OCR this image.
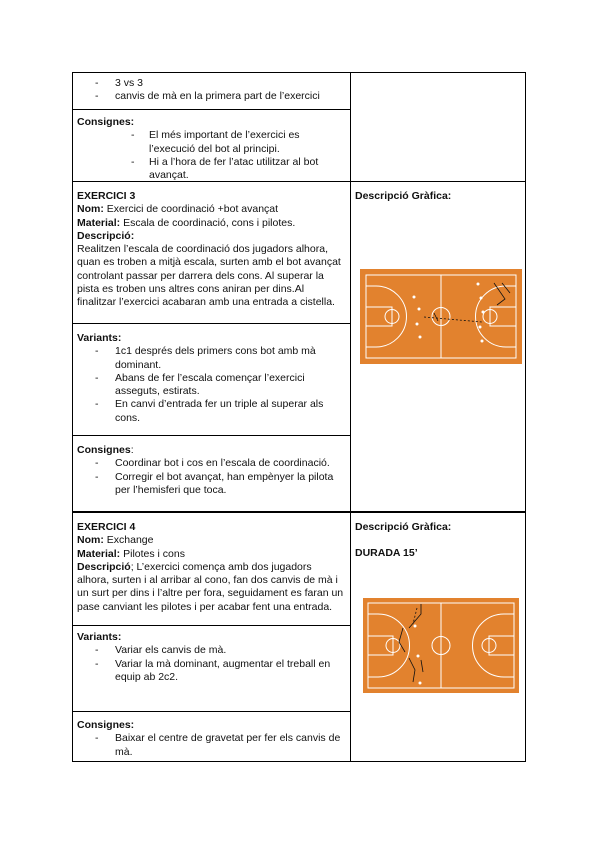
- 3 vs 3
- canvis de mà en la primera part de l’exercici

Consignes:

- El més important de l’exercici es l’execució del bot al principi.
- Hi a l’hora de fer l’atac utilitzar al bot avançat.

EXERCICI 3

Nom: Exercici de coordinació +bot avançat

Material: Escala de coordinació, cons i pilotes.

Descripció:

Realitzen l’escala de coordinació dos jugadors alhora, quan es troben a mitjà escala, surten amb el bot avançat controlant passar per darrera dels cons. Al superar la pista es troben uns altres cons aniran per dins.Al finalitzar l’exercici acabaran amb una entrada a cistella.

Variants:

- 1c1 després dels primers cons bot amb mà dominant.
- Abans de fer l’escala començar l’exercici asseguts, estirats.
- En canvi d’entrada fer un triple al superar als cons.

Consignes:

- Coordinar bot i cos en l’escala de coordinació.
- Corregir el bot avançat, han empènyer la pilota per l’hemisferi que toca.

Descripció Gràfica:

EXERCICI 4

Nom: Exchange

Material: Pilotes i cons

Descripció; L’exercici comença amb dos jugadors alhora, surten i al arribar al cono, fan dos canvis de mà i un surt per dins i l’altre per fora, seguidament es faran un pase canviant les pilotes i per acabar fent una entrada.

Variants:

- Variar els canvis de mà.
- Variar la mà dominant, augmentar el treball en equip ab 2c2.

Consignes:

- Baixar el centre de gravetat per fer els canvis de mà.

Descripció Gràfica:

DURADA 15’
